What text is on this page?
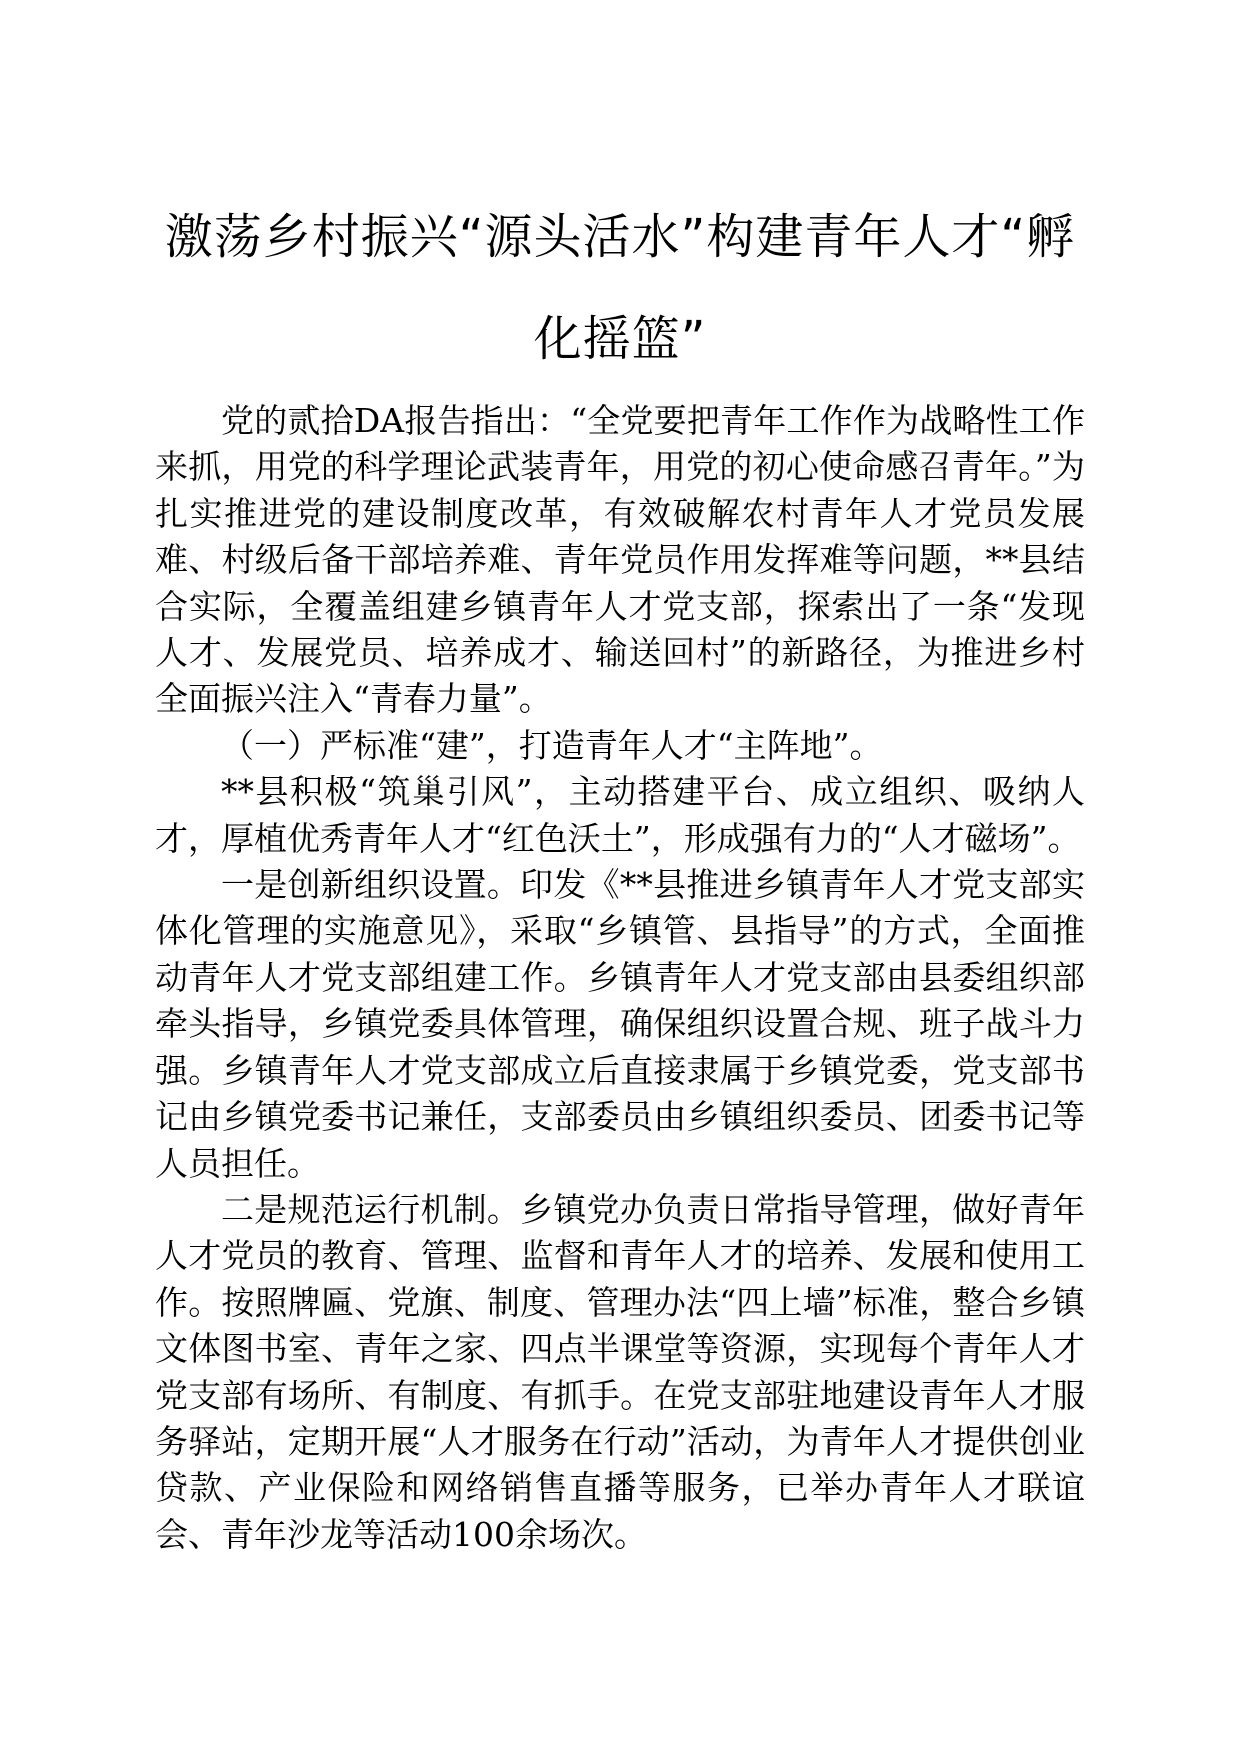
激荡乡村振兴“源头活水”构建青年人才“孵
化摇篮”

党的贰拾DA报告指出：“全党要把青年工作作为战略性工作来抓，用党的科学理论武装青年，用党的初心使命感召青年。”为扎实推进党的建设制度改革，有效破解农村青年人才党员发展难、村级后备干部培养难、青年党员作用发挥难等问题，**县结合实际，全覆盖组建乡镇青年人才党支部，探索出了一条“发现人才、发展党员、培养成才、输送回村”的新路径，为推进乡村全面振兴注入“青春力量”。

（一）严标准“建”，打造青年人才“主阵地”。

**县积极“筑巢引风”，主动搭建平台、成立组织、吸纳人才，厚植优秀青年人才“红色沃土”，形成强有力的“人才磁场”。

一是创新组织设置。印发《**县推进乡镇青年人才党支部实体化管理的实施意见》，采取“乡镇管、县指导”的方式，全面推动青年人才党支部组建工作。乡镇青年人才党支部由县委组织部牵头指导，乡镇党委具体管理，确保组织设置合规、班子战斗力强。乡镇青年人才党支部成立后直接隶属于乡镇党委，党支部书记由乡镇党委书记兼任，支部委员由乡镇组织委员、团委书记等人员担任。

二是规范运行机制。乡镇党办负责日常指导管理，做好青年人才党员的教育、管理、监督和青年人才的培养、发展和使用工作。按照牌匾、党旗、制度、管理办法“四上墙”标准，整合乡镇文体图书室、青年之家、四点半课堂等资源，实现每个青年人才党支部有场所、有制度、有抓手。在党支部驻地建设青年人才服务驿站，定期开展“人才服务在行动”活动，为青年人才提供创业贷款、产业保险和网络销售直播等服务，已举办青年人才联谊会、青年沙龙等活动100余场次。
